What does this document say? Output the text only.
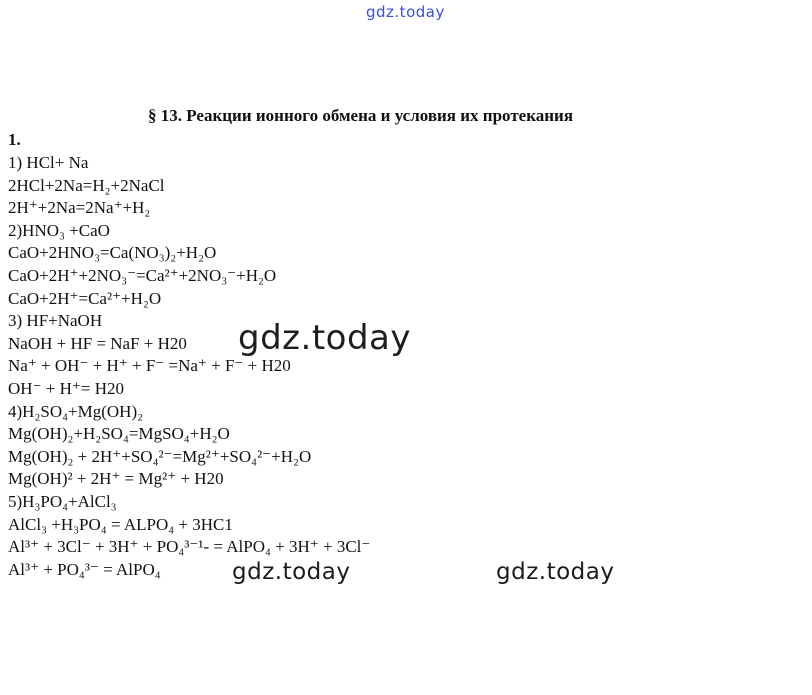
gdz.today
§ 13. Реакции ионного обмена и условия их протекания
1.
1) HCl+ Na
2HCl+2Na=H₂+2NaCl
2H⁺+2Na=2Na⁺+H₂
2)HNO₃ +CaO
CaO+2HNO₃=Ca(NO₃)₂+H₂O
CaO+2H⁺+2NO₃⁻=Ca²⁺+2NO₃⁻+H₂O
CaO+2H⁺=Ca²⁺+H₂O
3) HF+NaOH
NaOH + HF = NaF + H20
Na⁺ + OH⁻ + H⁺ + F⁻ =Na⁺ + F⁻ + H20
OH⁻ + H⁺= H20
4)H₂SO₄+Mg(OH)₂
Mg(OH)₂+H₂SO₄=MgSO₄+H₂O
Mg(OH)₂ + 2H⁺+SO₄²⁻=Mg²⁺+SO₄²⁻+H₂O
Mg(OH)² + 2H⁺ = Mg²⁺ + H20
5)H₃PO₄+AlCl₃
AlCl₃ +H₃PO₄ = ALPO₄ + 3HC1
Al³⁺ + 3Cl⁻ + 3H⁺ + PO₄³⁻¹- = AlPO₄ + 3H⁺ + 3Cl⁻
Al³⁺ + PO₄³⁻ = AlPO₄
gdz.today
gdz.today	gdz.today
